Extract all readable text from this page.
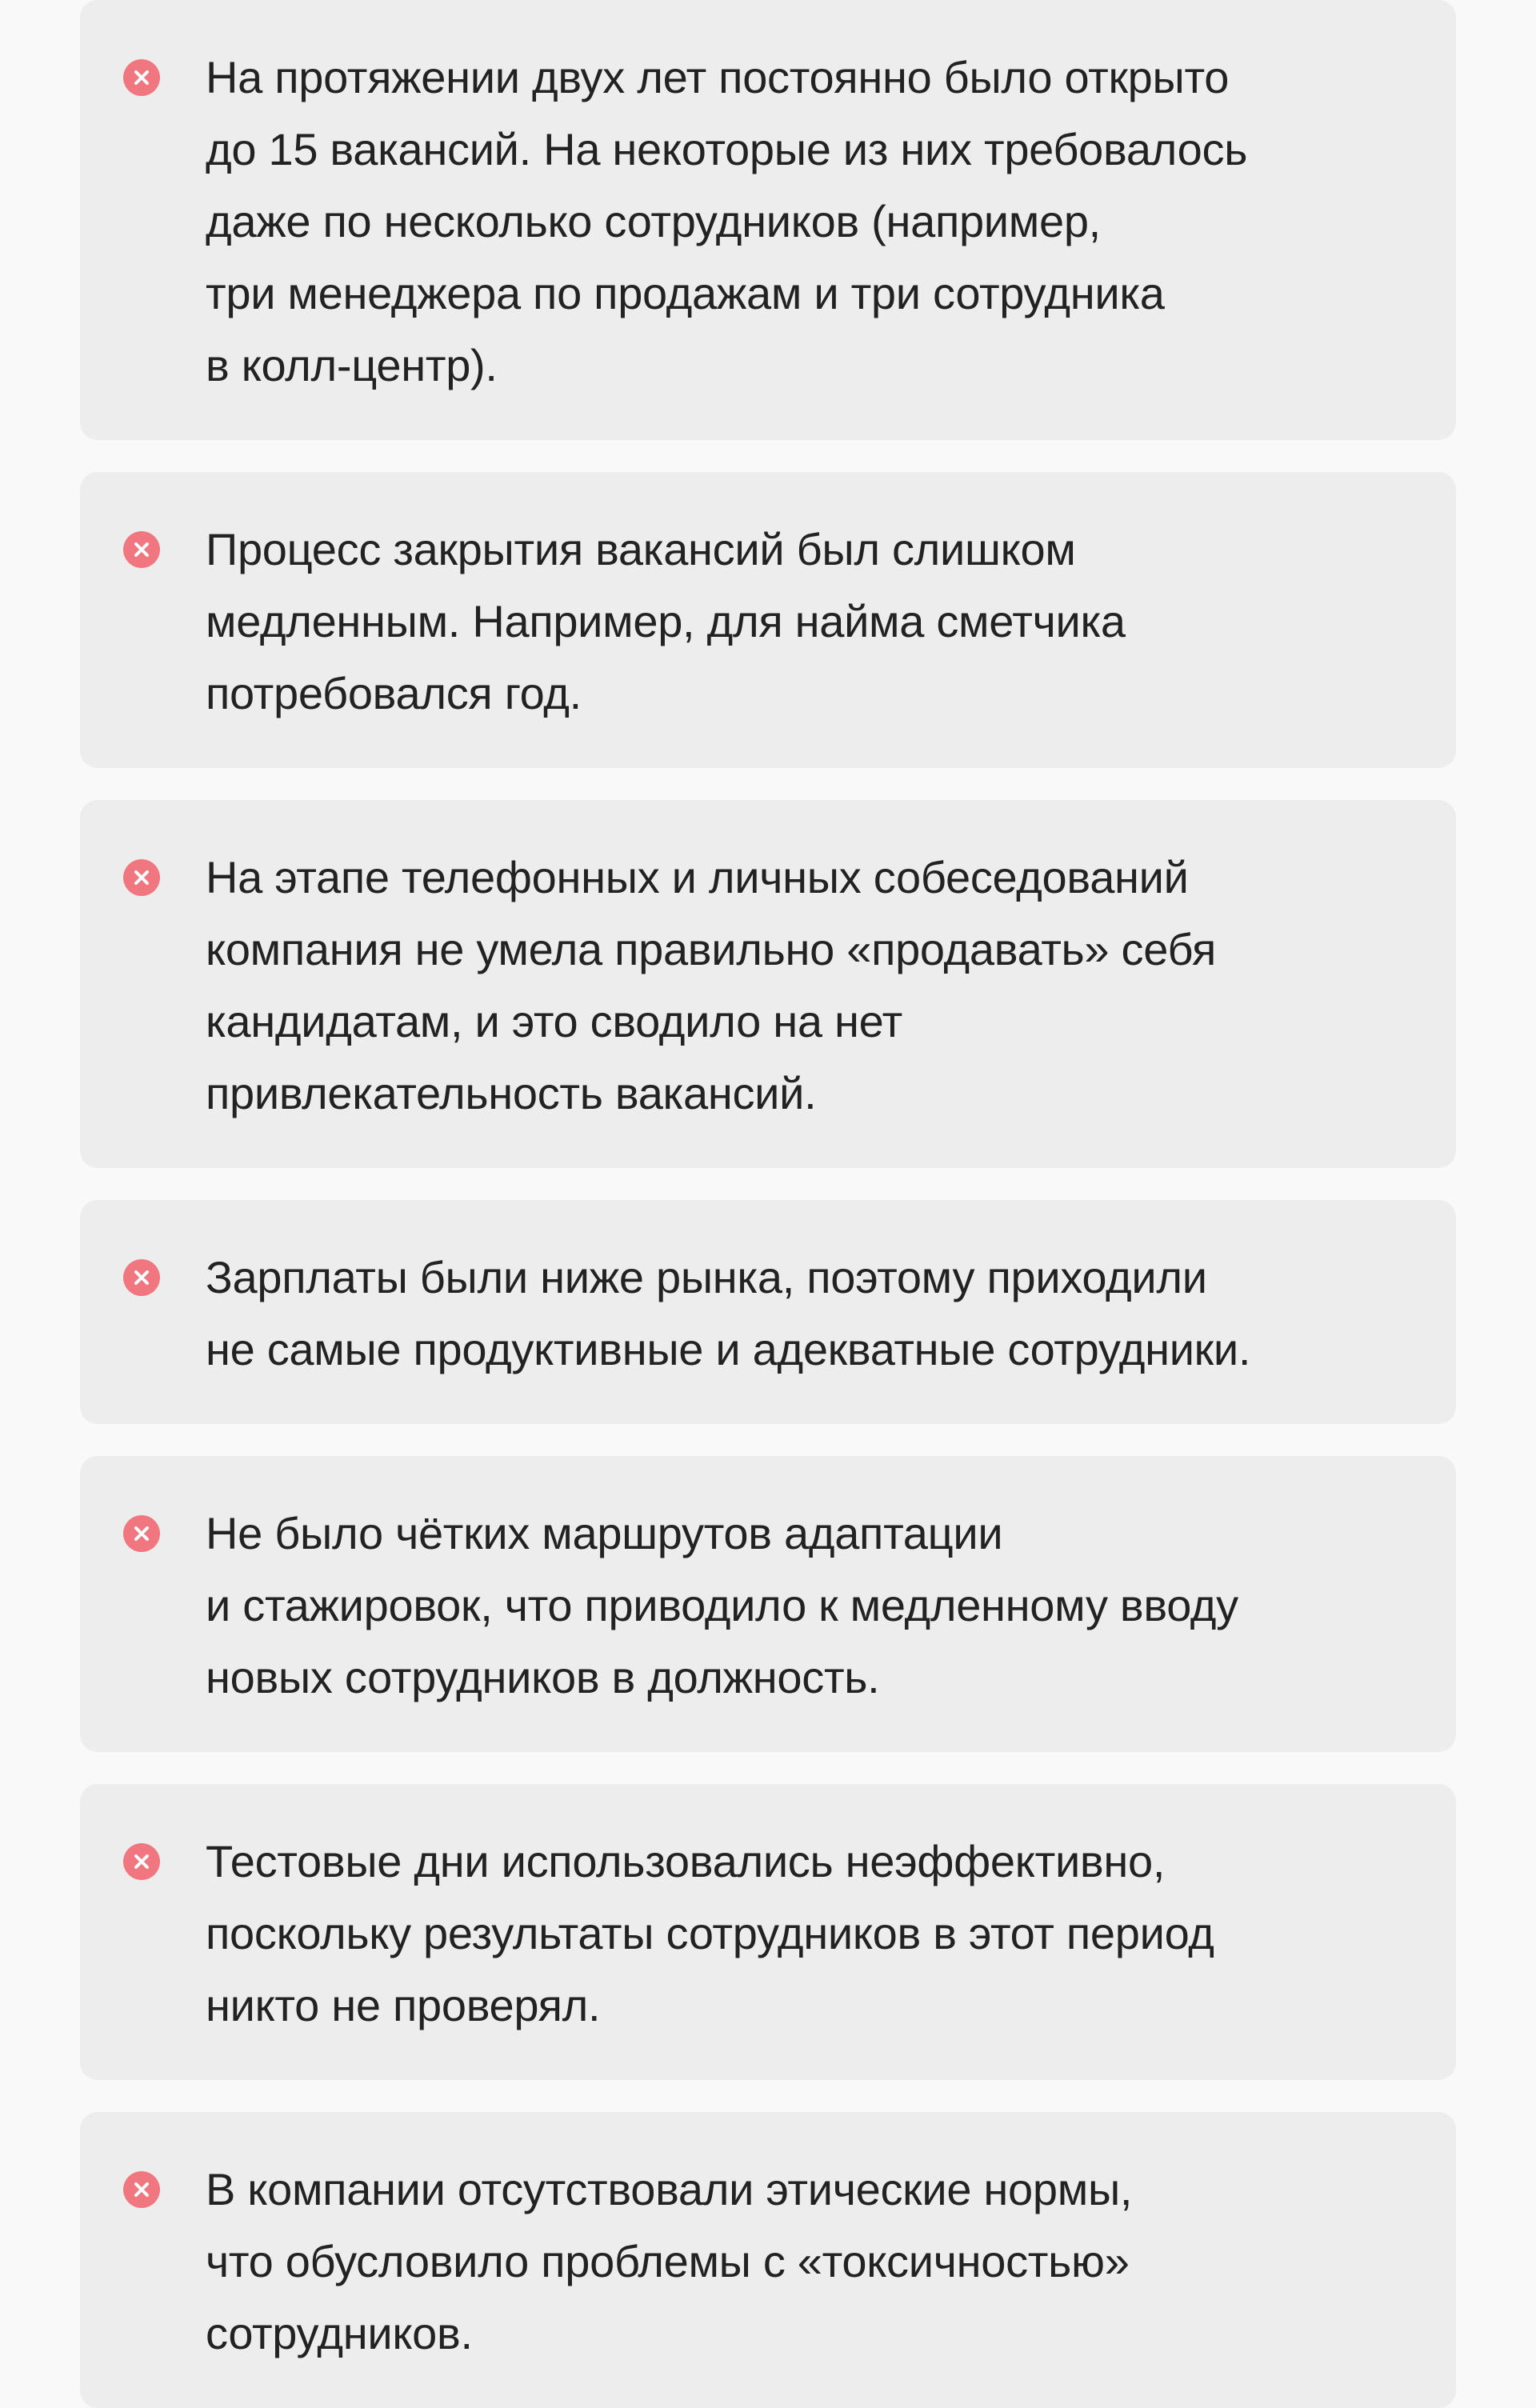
На протяжении двух лет постоянно было открыто
до 15 вакансий. На некоторые из них требовалось
даже по несколько сотрудников (например,
три менеджера по продажам и три сотрудника
в колл-центр).
Процесс закрытия вакансий был слишком
медленным. Например, для найма сметчика
потребовался год.
На этапе телефонных и личных собеседований
компания не умела правильно «продавать» себя
кандидатам, и это сводило на нет
привлекательность вакансий.
Зарплаты были ниже рынка, поэтому приходили
не самые продуктивные и адекватные сотрудники.
Не было чётких маршрутов адаптации
и стажировок, что приводило к медленному вводу
новых сотрудников в должность.
Тестовые дни использовались неэффективно,
поскольку результаты сотрудников в этот период
никто не проверял.
В компании отсутствовали этические нормы,
что обусловило проблемы с «токсичностью»
сотрудников.
